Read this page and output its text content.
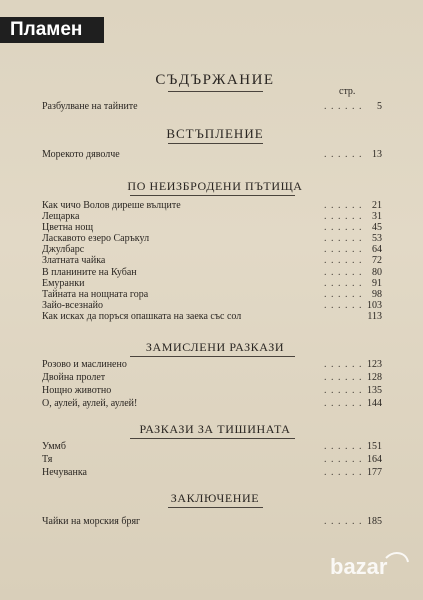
Пламен
СЪДЪРЖАНИЕ
стр.
Разбулване на тайните	. . . . . .	5
ВСТЪПЛЕНИЕ
Морекото дяволче	. . . . . . 13
ПО НЕИЗБРОДЕНИ ПЪТИЩА
Как чичо Волов диреше вълците	. . . . . . 21
Лещарка	. . . . . . 31
Цветна нощ	. . . . . . 45
Ласкавото езеро Саръкул	. . . . . . 53
Джулбарс	. . . . . . 64
Златната чайка	. . . . . . 72
В планините на Кубан	. . . . . . 80
Емуранки	. . . . . . 91
Тайната на нощната гора	. . . . . . 98
Зайо-всезнайо	. . . . . . 103
Как исках да поръся опашката на заека със сол	113
ЗАМИСЛЕНИ РАЗКАЗИ
Розово и маслинено	. . . . . . 123
Двойна пролет	. . . . . . 128
Нощно животно	. . . . . . 135
О, аулей, аулей, аулей!	. . . . . . 144
РАЗКАЗИ ЗА ТИШИНАТА
Уммб	. . . . . . 151
Тя	. . . . . . 164
Нечуванка	. . . . . . 177
ЗАКЛЮЧЕНИЕ
Чайки на морския бряг	. . . . . . 185
bazar
